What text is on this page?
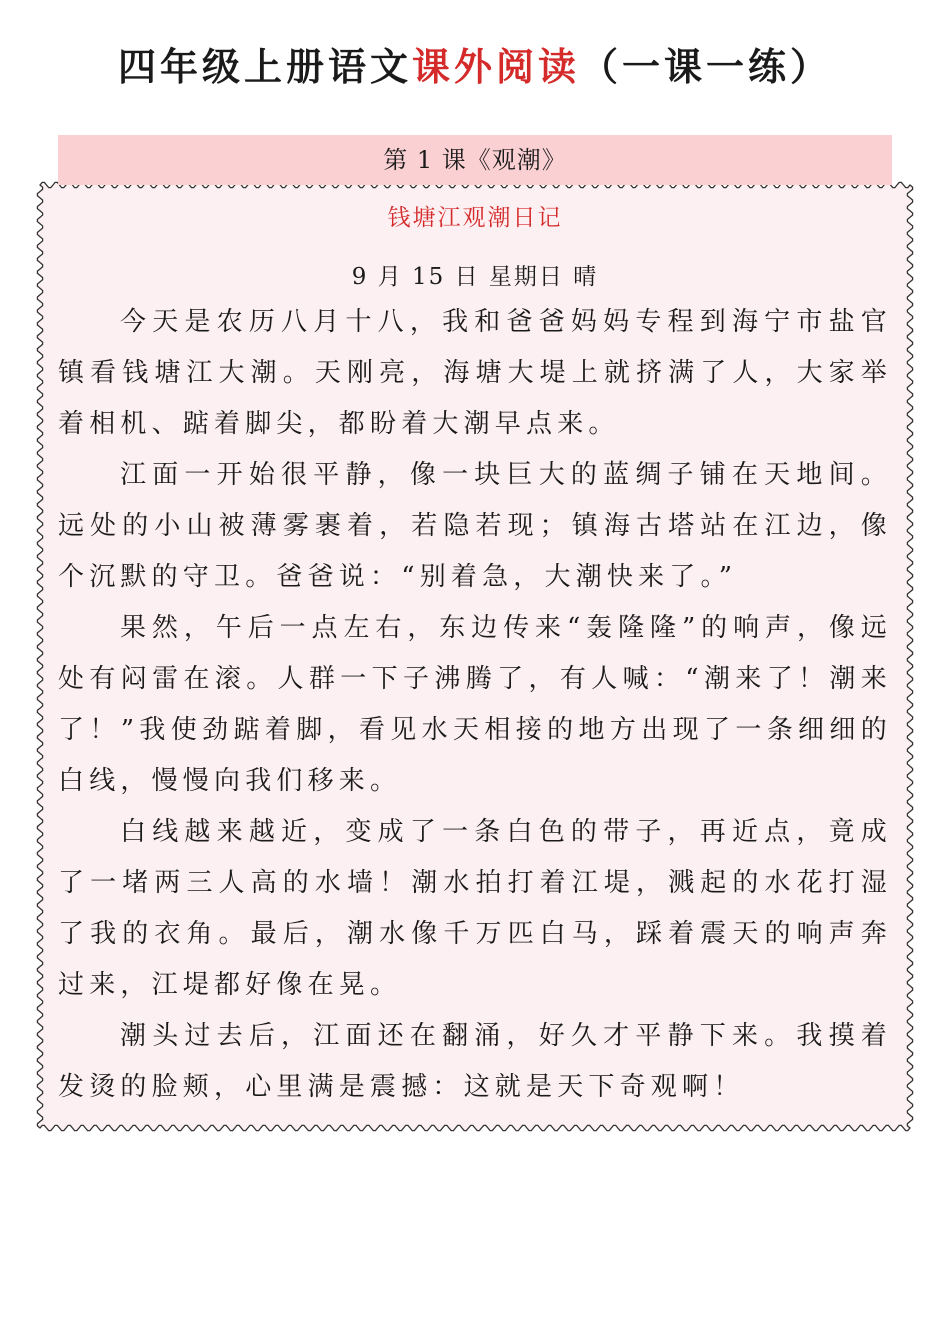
四年级上册语文课外阅读（一课一练）
第 1 课《观潮》
钱塘江观潮日记
9 月 15 日 星期日 晴

今天是农历八月十八，我和爸爸妈妈专程到海宁市盐官镇看钱塘江大潮。天刚亮，海塘大堤上就挤满了人，大家举着相机、踮着脚尖，都盼着大潮早点来。

江面一开始很平静，像一块巨大的蓝绸子铺在天地间。远处的小山被薄雾裹着，若隐若现；镇海古塔站在江边，像个沉默的守卫。爸爸说：“别着急，大潮快来了。”

果然，午后一点左右，东边传来“轰隆隆”的响声，像远处有闷雷在滚。人群一下子沸腾了，有人喊：“潮来了！潮来了！”我使劲踮着脚，看见水天相接的地方出现了一条细细的白线，慢慢向我们移来。

白线越来越近，变成了一条白色的带子，再近点，竟成了一堵两三人高的水墙！潮水拍打着江堤，溅起的水花打湿了我的衣角。最后，潮水像千万匹白马，踩着震天的响声奔过来，江堤都好像在晃。

潮头过去后，江面还在翻涌，好久才平静下来。我摸着发烫的脸颊，心里满是震撼：这就是天下奇观啊！
